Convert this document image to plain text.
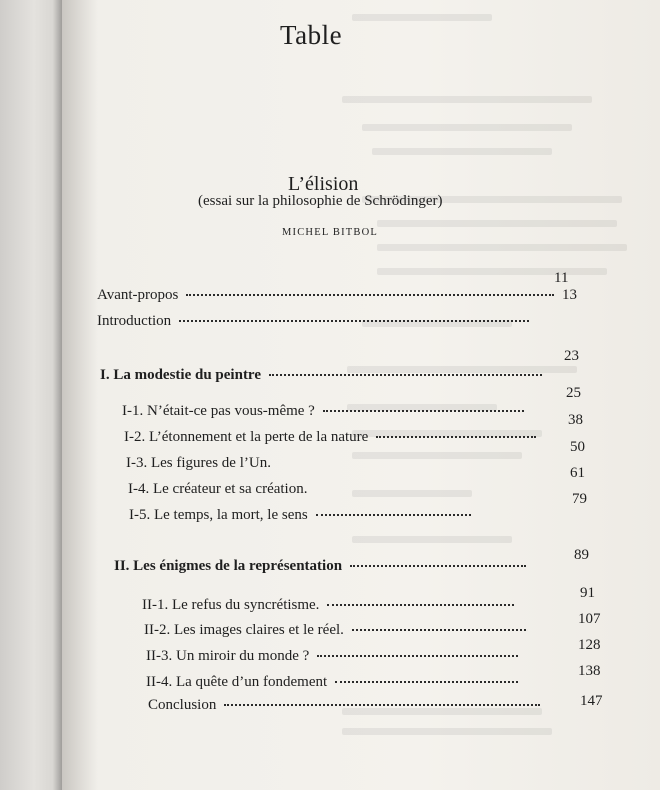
Table
L’élision
(essai sur la philosophie de Schrödinger)
MICHEL BITBOL
11
Avant-propos	13
Introduction
I. La modestie du peintre
23
I-1. N’était-ce pas vous-même ?
25
I-2. L’étonnement et la perte de la nature
38
I-3. Les figures de l’Un.
50
I-4. Le créateur et sa création.
61
I-5. Le temps, la mort, le sens
79
II. Les énigmes de la représentation
89
II-1. Le refus du syncrétisme.
91
II-2. Les images claires et le réel.
107
II-3. Un miroir du monde ?
128
II-4. La quête d’un fondement
138
Conclusion	147
